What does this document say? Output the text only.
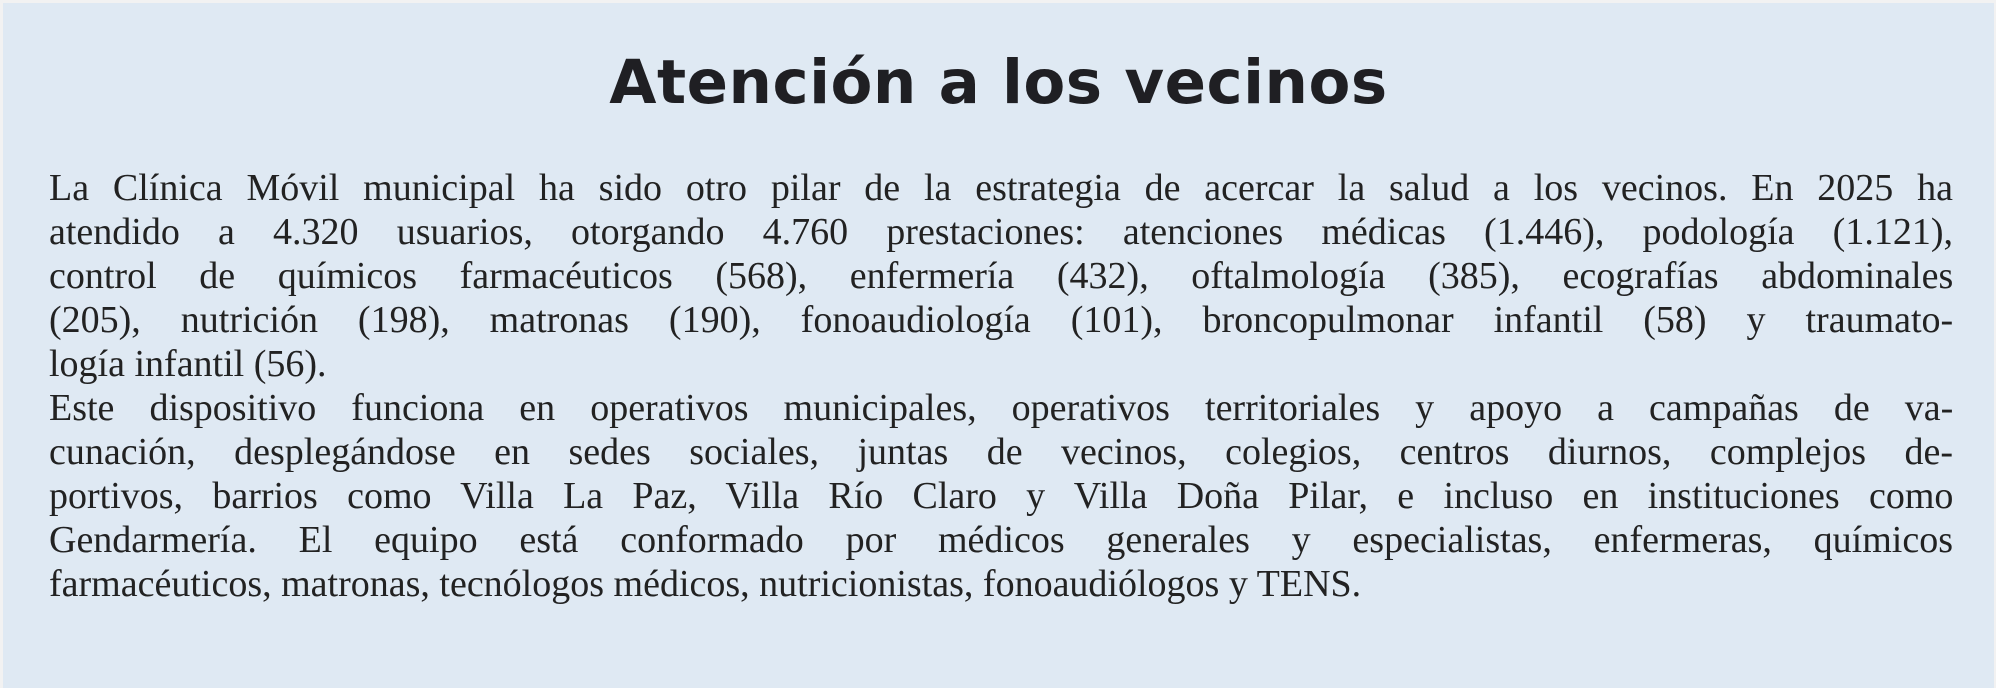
Atención a los vecinos

La Clínica Móvil municipal ha sido otro pilar de la estrategia de acercar la salud a los vecinos. En 2025 ha
atendido a 4.320 usuarios, otorgando 4.760 prestaciones: atenciones médicas (1.446), podología (1.121),
control de químicos farmacéuticos (568), enfermería (432), oftalmología (385), ecografías abdominales
(205), nutrición (198), matronas (190), fonoaudiología (101), broncopulmonar infantil (58) y traumato-
logía infantil (56).

Este dispositivo funciona en operativos municipales, operativos territoriales y apoyo a campañas de va-
cunación, desplegándose en sedes sociales, juntas de vecinos, colegios, centros diurnos, complejos de-
portivos, barrios como Villa La Paz, Villa Río Claro y Villa Doña Pilar, e incluso en instituciones como
Gendarmería. El equipo está conformado por médicos generales y especialistas, enfermeras, químicos
farmacéuticos, matronas, tecnólogos médicos, nutricionistas, fonoaudiólogos y TENS.
